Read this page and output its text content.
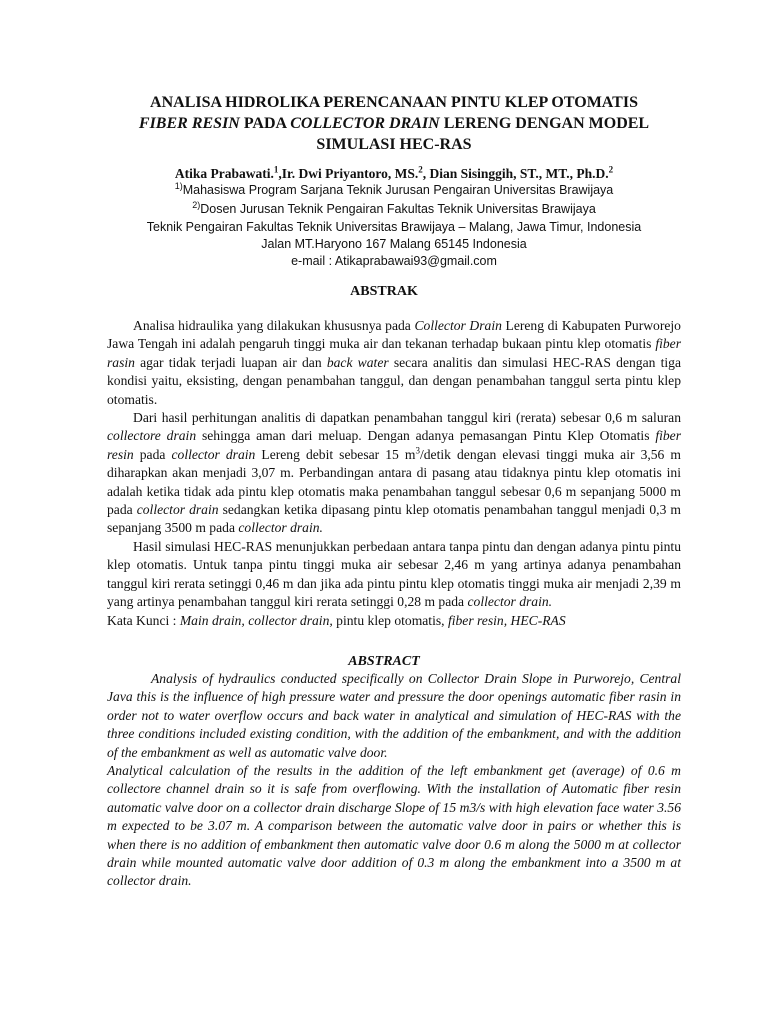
ANALISA HIDROLIKA PERENCANAAN PINTU KLEP OTOMATIS
FIBER RESIN PADA COLLECTOR DRAIN LERENG DENGAN MODEL
SIMULASI HEC-RAS
Atika Prabawati.$^1$,Ir. Dwi Priyantoro, MS.$^2$, Dian Sisinggih, ST., MT., Ph.D.$^2$
$^{1)}$Mahasiswa Program Sarjana Teknik Jurusan Pengairan Universitas Brawijaya
$^{2)}$Dosen Jurusan Teknik Pengairan Fakultas Teknik Universitas Brawijaya
Teknik Pengairan Fakultas Teknik Universitas Brawijaya – Malang, Jawa Timur, Indonesia
Jalan MT.Haryono 167 Malang 65145 Indonesia
e-mail : Atikaprabawai93@gmail.com
ABSTRAK

Analisa hidraulika yang dilakukan khususnya pada Collector Drain Lereng di Kabupaten Purworejo Jawa Tengah ini adalah pengaruh tinggi muka air dan tekanan terhadap bukaan pintu klep otomatis fiber rasin agar tidak terjadi luapan air dan back water secara analitis dan simulasi HEC-RAS dengan tiga kondisi yaitu, eksisting, dengan penambahan tanggul, dan dengan penambahan tanggul serta pintu klep otomatis.

Dari hasil perhitungan analitis di dapatkan penambahan tanggul kiri (rerata) sebesar 0,6 m saluran collectore drain sehingga aman dari meluap. Dengan adanya pemasangan Pintu Klep Otomatis fiber resin pada collector drain Lereng debit sebesar 15 $m^3$/detik dengan elevasi tinggi muka air 3,56 m diharapkan akan menjadi 3,07 m. Perbandingan antara di pasang atau tidaknya pintu klep otomatis ini adalah ketika tidak ada pintu klep otomatis maka penambahan tanggul sebesar 0,6 m sepanjang 5000 m pada collector drain sedangkan ketika dipasang pintu klep otomatis penambahan tanggul menjadi 0,3 m sepanjang 3500 m pada collector drain.

Hasil simulasi HEC-RAS menunjukkan perbedaan antara tanpa pintu dan dengan adanya pintu pintu klep otomatis. Untuk tanpa pintu tinggi muka air sebesar 2,46 m yang artinya adanya penambahan tanggul kiri rerata setinggi 0,46 m dan jika ada pintu pintu klep otomatis tinggi muka air menjadi 2,39 m yang artinya penambahan tanggul kiri rerata setinggi 0,28 m pada collector drain.

Kata Kunci : Main drain, collector drain, pintu klep otomatis, fiber resin, HEC-RAS

ABSTRACT

Analysis of hydraulics conducted specifically on Collector Drain Slope in Purworejo, Central Java this is the influence of high pressure water and pressure the door openings automatic fiber rasin in order not to water overflow occurs and back water in analytical and simulation of HEC-RAS with the three conditions included existing condition, with the addition of the embankment, and with the addition of the embankment as well as automatic valve door.

Analytical calculation of the results in the addition of the left embankment get (average) of 0.6 m collectore channel drain so it is safe from overflowing. With the installation of Automatic fiber resin automatic valve door on a collector drain discharge Slope of 15 m3/s with high elevation face water 3.56 m expected to be 3.07 m. A comparison between the automatic valve door in pairs or whether this is when there is no addition of embankment then automatic valve door 0.6 m along the 5000 m at collector drain while mounted automatic valve door addition of 0.3 m along the embankment into a 3500 m at collector drain.
